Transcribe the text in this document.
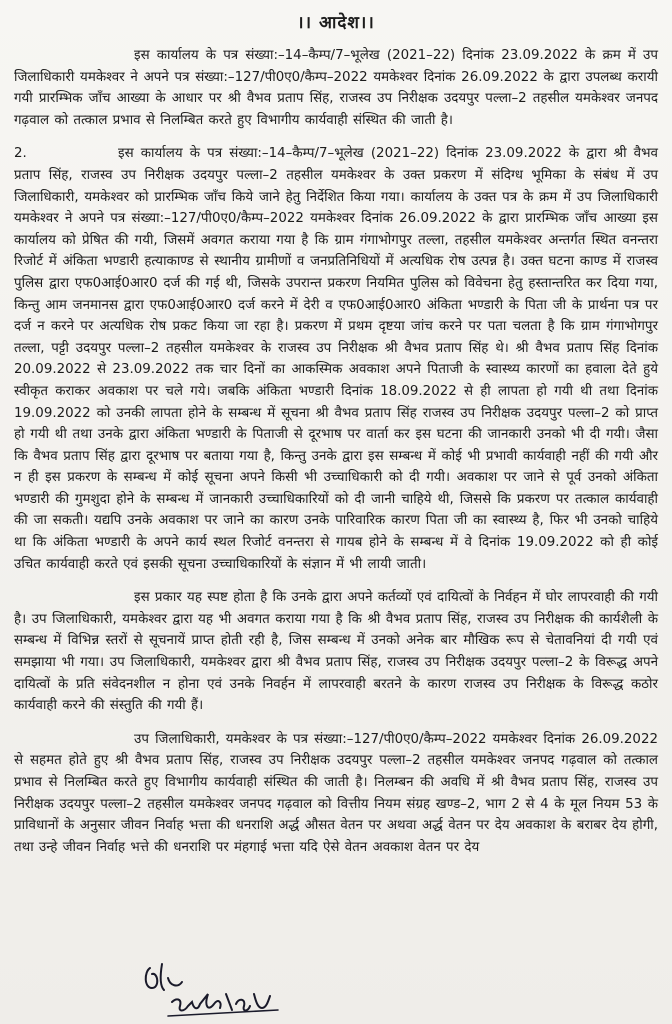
।। आदेश।।

इस कार्यालय के पत्र संख्या:–14–कैम्प/7–भूलेख (2021–22) दिनांक 23.09.2022 के क्रम में उप जिलाधिकारी यमकेश्वर ने अपने पत्र संख्या:–127/पी0ए0/कैम्प–2022 यमकेश्वर दिनांक 26.09.2022 के द्वारा उपलब्ध करायी गयी प्रारम्भिक जाँच आख्या के आधार पर श्री वैभव प्रताप सिंह, राजस्व उप निरीक्षक उदयपुर पल्ला–2 तहसील यमकेश्वर जनपद गढ़वाल को तत्काल प्रभाव से निलम्बित करते हुए विभागीय कार्यवाही संस्थित की जाती है।

2.	इस कार्यालय के पत्र संख्या:–14–कैम्प/7–भूलेख (2021–22) दिनांक 23.09.2022 के द्वारा श्री वैभव प्रताप सिंह, राजस्व उप निरीक्षक उदयपुर पल्ला–2 तहसील यमकेश्वर के उक्त प्रकरण में संदिग्ध भूमिका के संबंध में उप जिलाधिकारी, यमकेश्वर को प्रारम्भिक जाँच किये जाने हेतु निर्देशित किया गया। कार्यालय के उक्त पत्र के क्रम में उप जिलाधिकारी यमकेश्वर ने अपने पत्र संख्या:–127/पी0ए0/कैम्प–2022 यमकेश्वर दिनांक 26.09.2022 के द्वारा प्रारम्भिक जाँच आख्या इस कार्यालय को प्रेषित की गयी, जिसमें अवगत कराया गया है कि ग्राम गंगाभोगपुर तल्ला, तहसील यमकेश्वर अन्तर्गत स्थित वनन्तरा रिजोर्ट में अंकिता भण्डारी हत्याकाण्ड से स्थानीय ग्रामीणों व जनप्रतिनिधियों में अत्यधिक रोष उत्पन्न है। उक्त घटना काण्ड में राजस्व पुलिस द्वारा एफ0आई0आर0 दर्ज की गई थी, जिसके उपरान्त प्रकरण नियमित पुलिस को विवेचना हेतु हस्तान्तरित कर दिया गया, किन्तु आम जनमानस द्वारा एफ0आई0आर0 दर्ज करने में देरी व एफ0आई0आर0 अंकिता भण्डारी के पिता जी के प्रार्थना पत्र पर दर्ज न करने पर अत्यधिक रोष प्रकट किया जा रहा है। प्रकरण में प्रथम दृष्टया जांच करने पर पता चलता है कि ग्राम गंगाभोगपुर तल्ला, पट्टी उदयपुर पल्ला–2 तहसील यमकेश्वर के राजस्व उप निरीक्षक श्री वैभव प्रताप सिंह थे। श्री वैभव प्रताप सिंह दिनांक 20.09.2022 से 23.09.2022 तक चार दिनों का आकस्मिक अवकाश अपने पिताजी के स्वास्थ्य कारणों का हवाला देते हुये स्वीकृत कराकर अवकाश पर चले गये। जबकि अंकिता भण्डारी दिनांक 18.09.2022 से ही लापता हो गयी थी तथा दिनांक 19.09.2022 को उनकी लापता होने के सम्बन्ध में सूचना श्री वैभव प्रताप सिंह राजस्व उप निरीक्षक उदयपुर पल्ला–2 को प्राप्त हो गयी थी तथा उनके द्वारा अंकिता भण्डारी के पिताजी से दूरभाष पर वार्ता कर इस घटना की जानकारी उनको भी दी गयी। जैसा कि वैभव प्रताप सिंह द्वारा दूरभाष पर बताया गया है, किन्तु उनके द्वारा इस सम्बन्ध में कोई भी प्रभावी कार्यवाही नहीं की गयी और न ही इस प्रकरण के सम्बन्ध में कोई सूचना अपने किसी भी उच्चाधिकारी को दी गयी। अवकाश पर जाने से पूर्व उनको अंकिता भण्डारी की गुमशुदा होने के सम्बन्ध में जानकारी उच्चाधिकारियों को दी जानी चाहिये थी, जिससे कि प्रकरण पर तत्काल कार्यवाही की जा सकती। यद्यपि उनके अवकाश पर जाने का कारण उनके पारिवारिक कारण पिता जी का स्वास्थ्य है, फिर भी उनको चाहिये था कि अंकिता भण्डारी के अपने कार्य स्थल रिजोर्ट वनन्तरा से गायब होने के सम्बन्ध में वे दिनांक 19.09.2022 को ही कोई उचित कार्यवाही करते एवं इसकी सूचना उच्चाधिकारियों के संज्ञान में भी लायी जाती।

इस प्रकार यह स्पष्ट होता है कि उनके द्वारा अपने कर्तव्यों एवं दायित्वों के निर्वहन में घोर लापरवाही की गयी है। उप जिलाधिकारी, यमकेश्वर द्वारा यह भी अवगत कराया गया है कि श्री वैभव प्रताप सिंह, राजस्व उप निरीक्षक की कार्यशैली के सम्बन्ध में विभिन्न स्तरों से सूचनायें प्राप्त होती रही है, जिस सम्बन्ध में उनको अनेक बार मौखिक रूप से चेतावनियां दी गयी एवं समझाया भी गया। उप जिलाधिकारी, यमकेश्वर द्वारा श्री वैभव प्रताप सिंह, राजस्व उप निरीक्षक उदयपुर पल्ला–2 के विरूद्ध अपने दायित्वों के प्रति संवेदनशील न होना एवं उनके निवर्हन में लापरवाही बरतने के कारण राजस्व उप निरीक्षक के विरूद्ध कठोर कार्यवाही करने की संस्तुति की गयी हैं।

उप जिलाधिकारी, यमकेश्वर के पत्र संख्या:–127/पी0ए0/कैम्प–2022 यमकेश्वर दिनांक 26.09.2022 से सहमत होते हुए श्री वैभव प्रताप सिंह, राजस्व उप निरीक्षक उदयपुर पल्ला–2 तहसील यमकेश्वर जनपद गढ़वाल को तत्काल प्रभाव से निलम्बित करते हुए विभागीय कार्यवाही संस्थित की जाती है। निलम्बन की अवधि में श्री वैभव प्रताप सिंह, राजस्व उप निरीक्षक उदयपुर पल्ला–2 तहसील यमकेश्वर जनपद गढ़वाल को वित्तीय नियम संग्रह खण्ड–2, भाग 2 से 4 के मूल नियम 53 के प्राविधानों के अनुसार जीवन निर्वाह भत्ता की धनराशि अर्द्ध औसत वेतन पर अथवा अर्द्ध वेतन पर देय अवकाश के बराबर देय होगी, तथा उन्हे जीवन निर्वाह भत्ते की धनराशि पर मंहगाई भत्ता यदि ऐसे वेतन अवकाश वेतन पर देय
